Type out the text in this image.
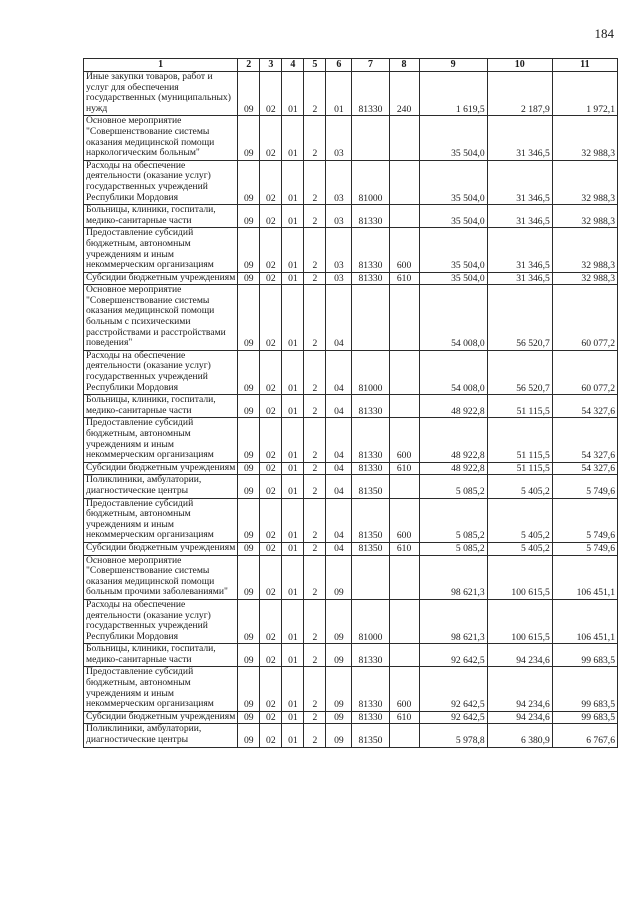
184
1	2	3	4	5	6	7	8	9	10	11
Иные закупки товаров, работ и услуг для обеспечения государственных (муниципальных) нужд	09	02	01	2	01	81330	240	1 619,5	2 187,9	1 972,1
Основное мероприятие "Совершенствование системы оказания медицинской помощи наркологическим больным"	09	02	01	2	03			35 504,0	31 346,5	32 988,3
Расходы на обеспечение деятельности (оказание услуг) государственных учреждений Республики Мордовия	09	02	01	2	03	81000		35 504,0	31 346,5	32 988,3
Больницы, клиники, госпитали, медико-санитарные части	09	02	01	2	03	81330		35 504,0	31 346,5	32 988,3
Предоставление субсидий бюджетным, автономным учреждениям и иным некоммерческим организациям	09	02	01	2	03	81330	600	35 504,0	31 346,5	32 988,3
Субсидии бюджетным учреждениям	09	02	01	2	03	81330	610	35 504,0	31 346,5	32 988,3
Основное мероприятие "Совершенствование системы оказания медицинской помощи больным с психическими расстройствами и расстройствами поведения"	09	02	01	2	04			54 008,0	56 520,7	60 077,2
Расходы на обеспечение деятельности (оказание услуг) государственных учреждений Республики Мордовия	09	02	01	2	04	81000		54 008,0	56 520,7	60 077,2
Больницы, клиники, госпитали, медико-санитарные части	09	02	01	2	04	81330		48 922,8	51 115,5	54 327,6
Предоставление субсидий бюджетным, автономным учреждениям и иным некоммерческим организациям	09	02	01	2	04	81330	600	48 922,8	51 115,5	54 327,6
Субсидии бюджетным учреждениям	09	02	01	2	04	81330	610	48 922,8	51 115,5	54 327,6
Поликлиники, амбулатории, диагностические центры	09	02	01	2	04	81350		5 085,2	5 405,2	5 749,6
Предоставление субсидий бюджетным, автономным учреждениям и иным некоммерческим организациям	09	02	01	2	04	81350	600	5 085,2	5 405,2	5 749,6
Субсидии бюджетным учреждениям	09	02	01	2	04	81350	610	5 085,2	5 405,2	5 749,6
Основное мероприятие "Совершенствование системы оказания медицинской помощи больным прочими заболеваниями"	09	02	01	2	09			98 621,3	100 615,5	106 451,1
Расходы на обеспечение деятельности (оказание услуг) государственных учреждений Республики Мордовия	09	02	01	2	09	81000		98 621,3	100 615,5	106 451,1
Больницы, клиники, госпитали, медико-санитарные части	09	02	01	2	09	81330		92 642,5	94 234,6	99 683,5
Предоставление субсидий бюджетным, автономным учреждениям и иным некоммерческим организациям	09	02	01	2	09	81330	600	92 642,5	94 234,6	99 683,5
Субсидии бюджетным учреждениям	09	02	01	2	09	81330	610	92 642,5	94 234,6	99 683,5
Поликлиники, амбулатории, диагностические центры	09	02	01	2	09	81350		5 978,8	6 380,9	6 767,6
